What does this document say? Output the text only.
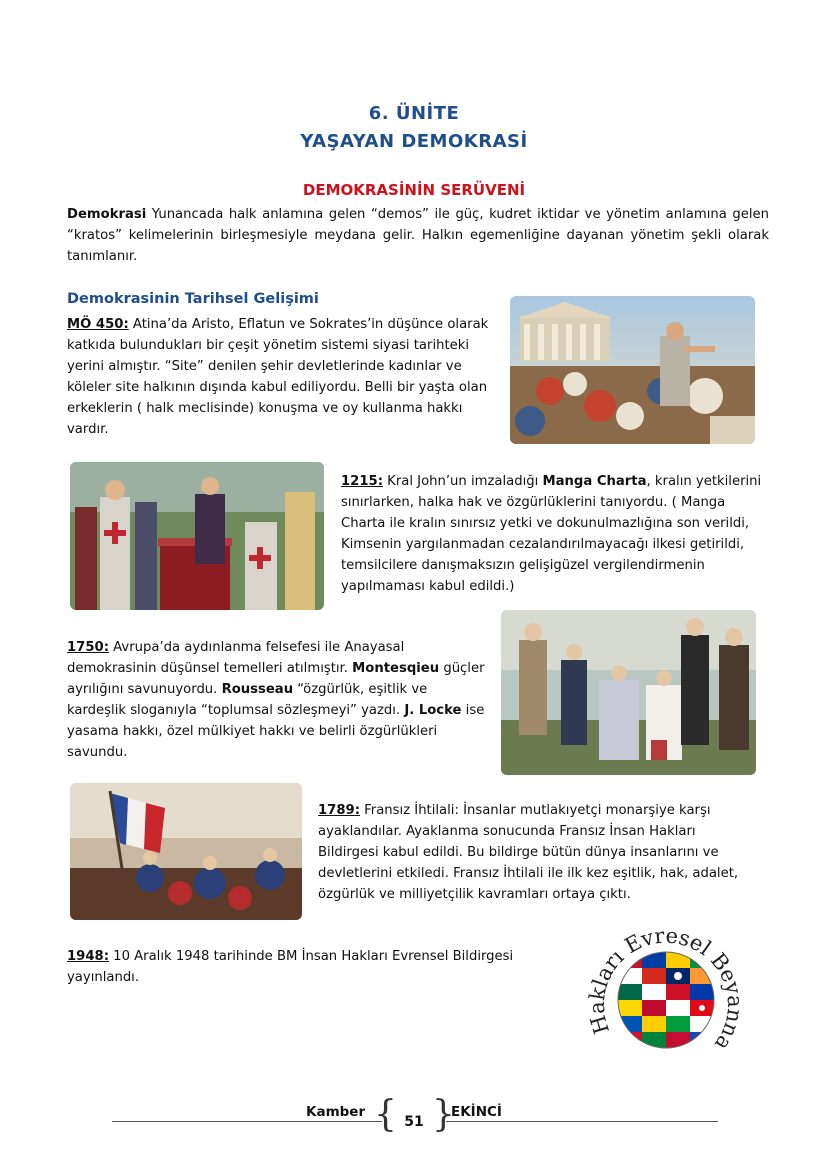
6. ÜNİTE
YAŞAYAN DEMOKRASİ
DEMOKRASİNİN SERÜVENİ
Demokrasi Yunancada halk anlamına gelen “demos” ile güç, kudret iktidar ve yönetim anlamına gelen “kratos” kelimelerinin birleşmesiyle meydana gelir. Halkın egemenliğine dayanan yönetim şekli olarak tanımlanır.
Demokrasinin Tarihsel Gelişimi
MÖ 450: Atina’da Aristo, Eflatun ve Sokrates’in düşünce olarak katkıda bulundukları bir çeşit yönetim sistemi siyasi tarihteki yerini almıştır. “Site” denilen şehir devletlerinde kadınlar ve köleler site halkının dışında kabul ediliyordu. Belli bir yaşta olan erkeklerin ( halk meclisinde) konuşma ve oy kullanma hakkı vardır.
1215: Kral John’un imzaladığı Manga Charta, kralın yetkilerini sınırlarken, halka hak ve özgürlüklerini tanıyordu. ( Manga Charta ile kralın sınırsız yetki ve dokunulmazlığına son verildi, Kimsenin yargılanmadan cezalandırılmayacağı ilkesi getirildi, temsilcilere danışmaksızın gelişigüzel vergilendirmenin yapılmaması kabul edildi.)
1750: Avrupa’da aydınlanma felsefesi ile Anayasal demokrasinin düşünsel temelleri atılmıştır. Montesqieu güçler ayrılığını savunuyordu. Rousseau “özgürlük, eşitlik ve kardeşlik sloganıyla “toplumsal sözleşmeyi” yazdı. J. Locke ise yasama hakkı, özel mülkiyet hakkı ve belirli özgürlükleri savundu.
1789: Fransız İhtilali: İnsanlar mutlakıyetçi monarşiye karşı ayaklandılar. Ayaklanma sonucunda Fransız İnsan Hakları Bildirgesi kabul edildi. Bu bildirge bütün dünya insanlarını ve devletlerini etkiledi. Fransız İhtilali ile ilk kez eşitlik, hak, adalet, özgürlük ve milliyetçilik kavramları ortaya çıktı.
1948: 10 Aralık 1948 tarihinde BM İnsan Hakları Evrensel Bildirgesi yayınlandı.
Hakları Evresel Beyanna
Kamber { 51 }
EKİNCİ
